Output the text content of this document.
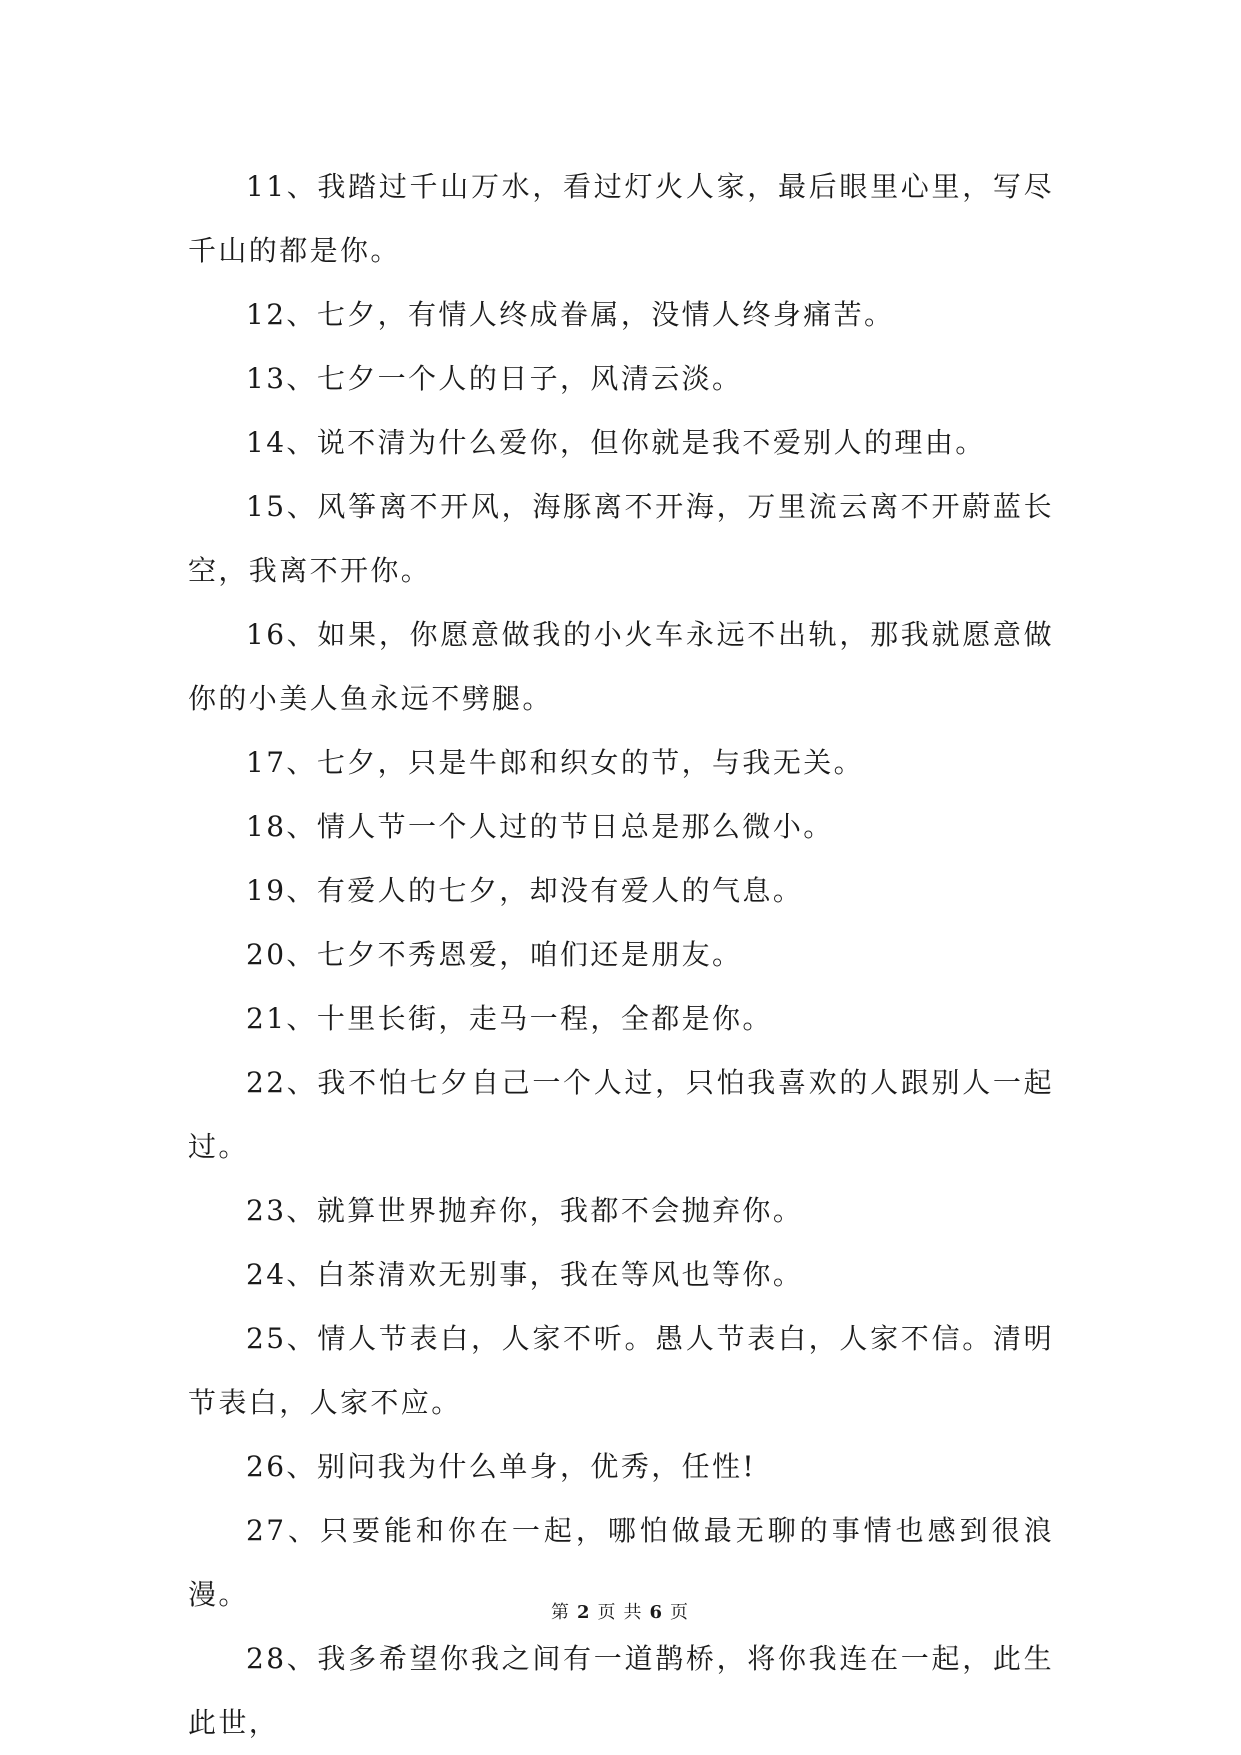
11、我踏过千山万水，看过灯火人家，最后眼里心里，写尽千山的都是你。

12、七夕，有情人终成眷属，没情人终身痛苦。

13、七夕一个人的日子，风清云淡。

14、说不清为什么爱你，但你就是我不爱别人的理由。

15、风筝离不开风，海豚离不开海，万里流云离不开蔚蓝长空，我离不开你。

16、如果，你愿意做我的小火车永远不出轨，那我就愿意做你的小美人鱼永远不劈腿。

17、七夕，只是牛郎和织女的节，与我无关。

18、情人节一个人过的节日总是那么微小。

19、有爱人的七夕，却没有爱人的气息。

20、七夕不秀恩爱，咱们还是朋友。

21、十里长街，走马一程，全都是你。

22、我不怕七夕自己一个人过，只怕我喜欢的人跟别人一起过。

23、就算世界抛弃你，我都不会抛弃你。

24、白茶清欢无别事，我在等风也等你。

25、情人节表白，人家不听。愚人节表白，人家不信。清明节表白，人家不应。

26、别问我为什么单身，优秀，任性!

27、只要能和你在一起，哪怕做最无聊的事情也感到很浪漫。

28、我多希望你我之间有一道鹊桥，将你我连在一起，此生此世，

第 2 页 共 6 页
